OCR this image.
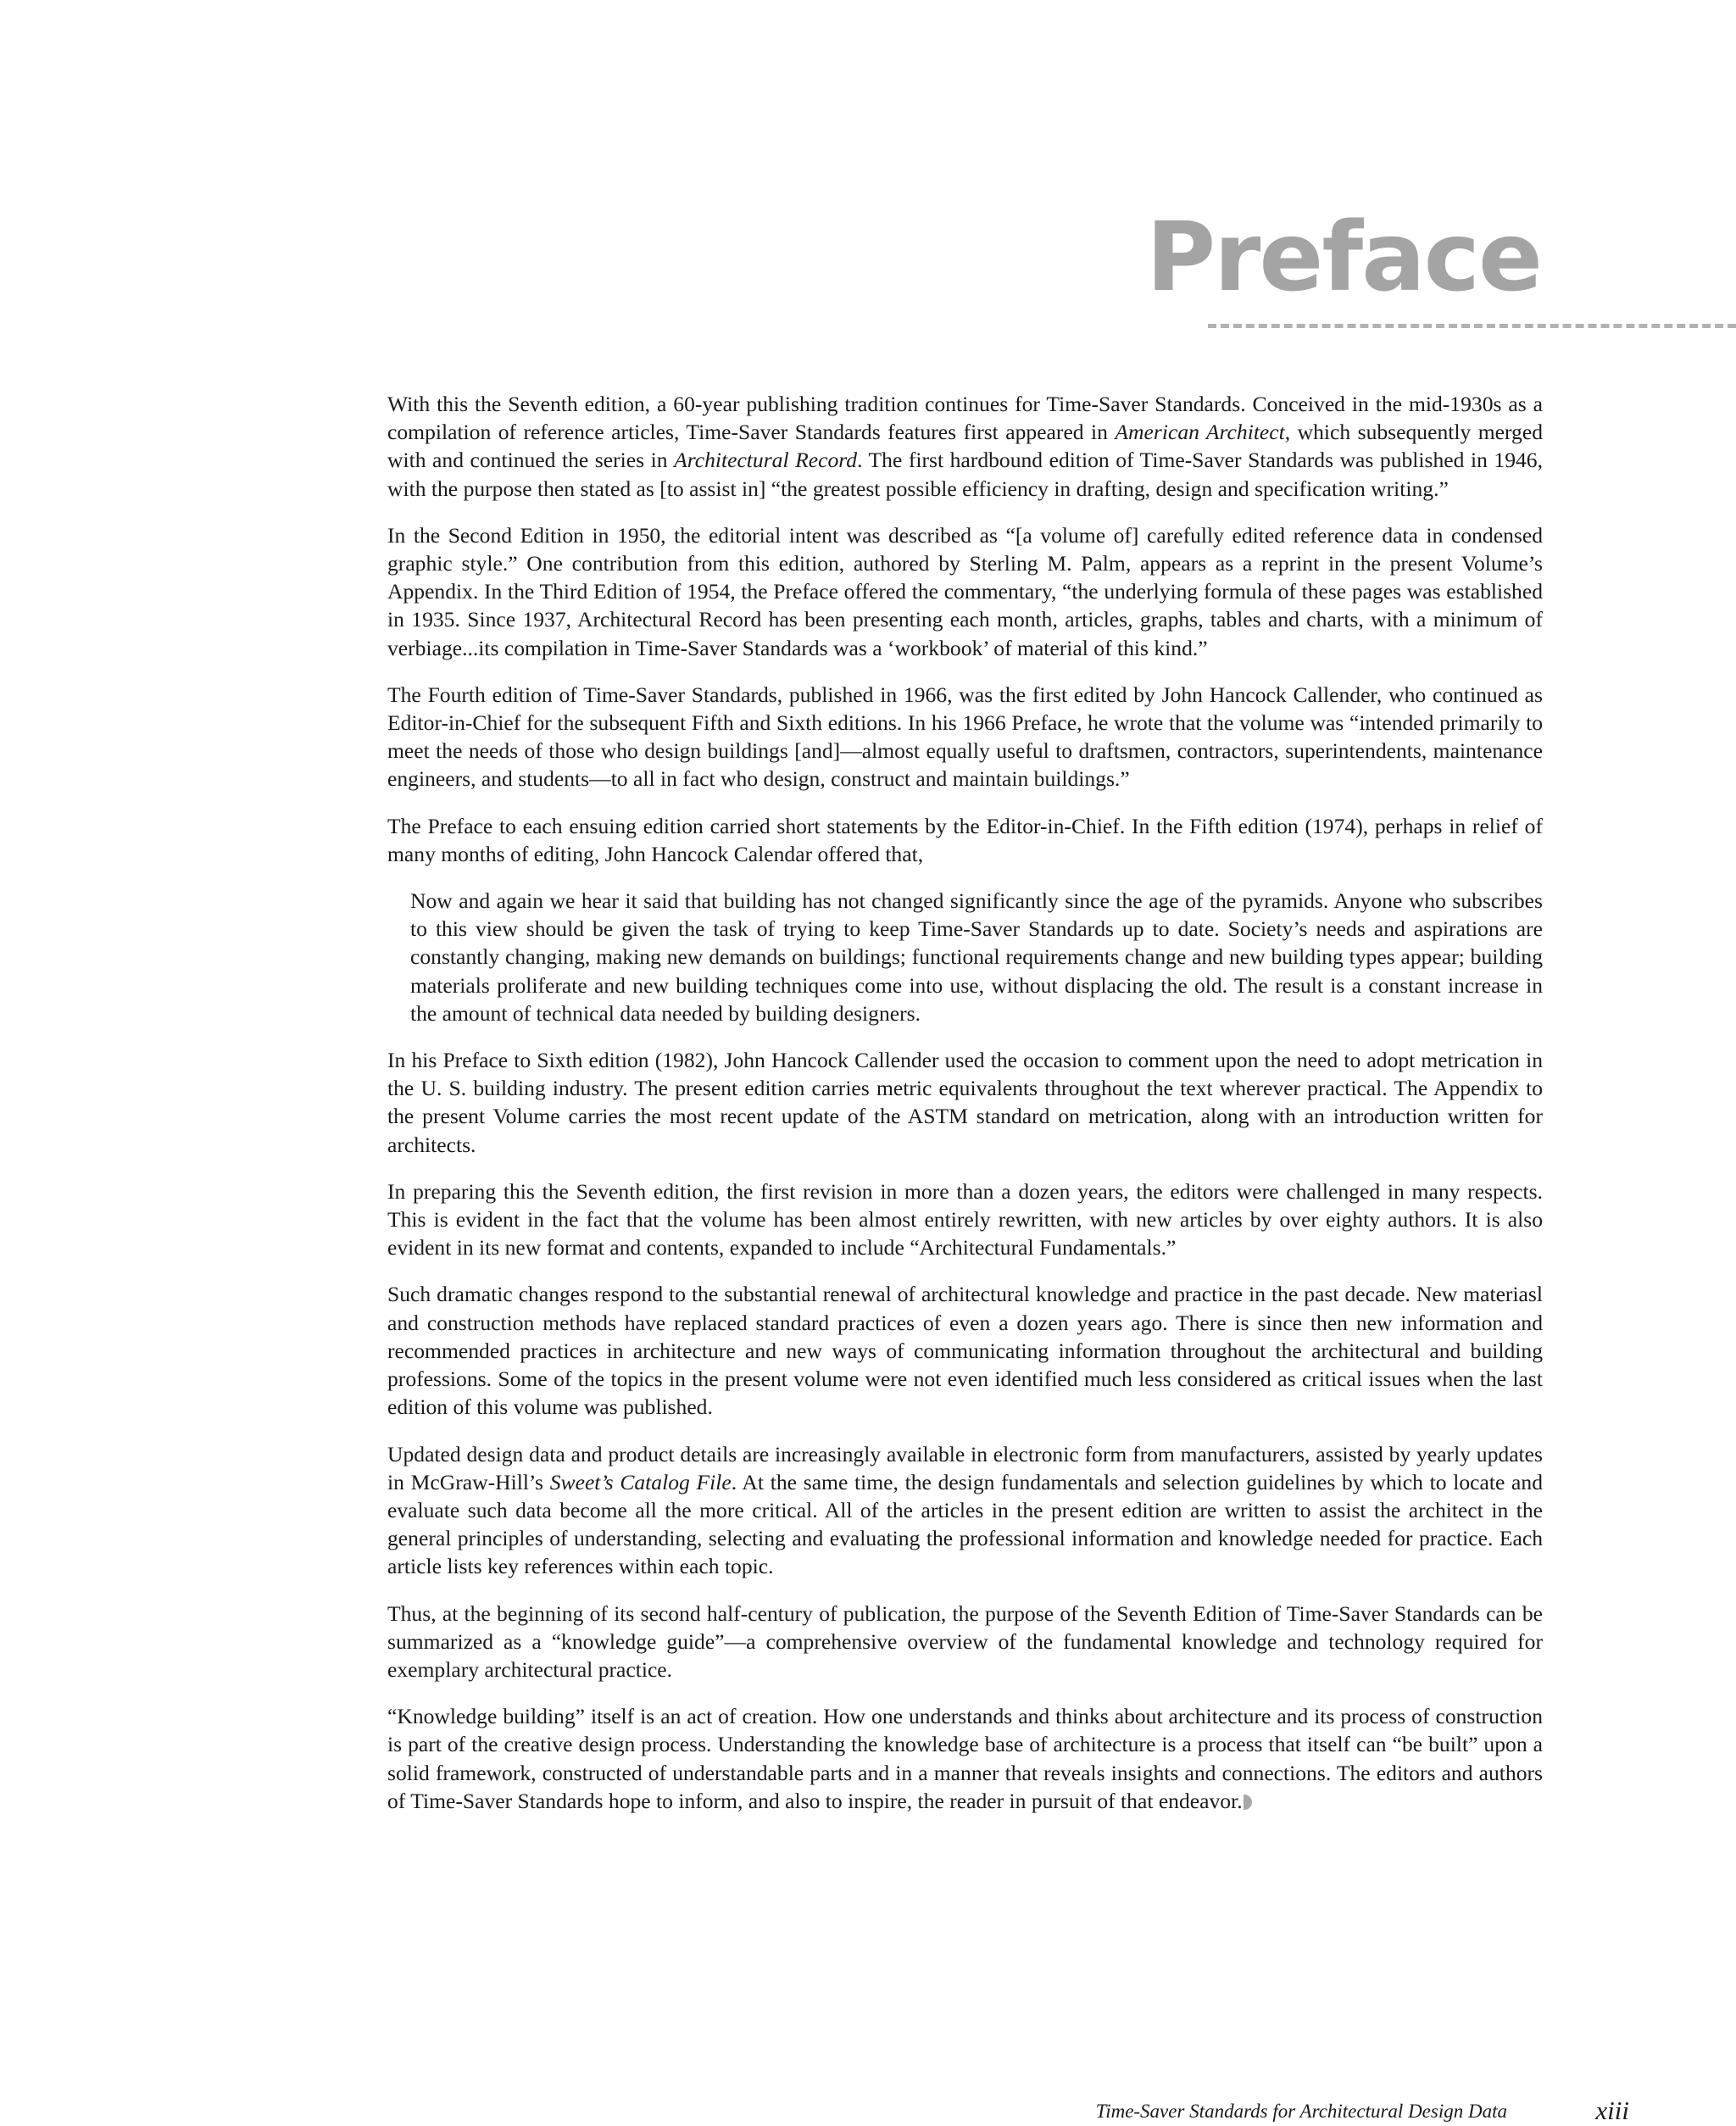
Preface

With this the Seventh edition, a 60-year publishing tradition continues for Time-Saver Standards. Conceived in the mid-1930s as a compilation of reference articles, Time-Saver Standards features first appeared in American Architect, which subsequently merged with and continued the series in Architectural Record. The first hardbound edition of Time-Saver Standards was published in 1946, with the purpose then stated as [to assist in] “the greatest possible efficiency in drafting, design and specification writing.”

In the Second Edition in 1950, the editorial intent was described as “[a volume of] carefully edited reference data in condensed graphic style.” One contribution from this edition, authored by Sterling M. Palm, appears as a reprint in the present Volume’s Appendix. In the Third Edition of 1954, the Preface offered the commentary, “the underlying formula of these pages was established in 1935. Since 1937, Architectural Record has been presenting each month, articles, graphs, tables and charts, with a minimum of verbiage...its compilation in Time-Saver Standards was a ‘workbook’ of material of this kind.”

The Fourth edition of Time-Saver Standards, published in 1966, was the first edited by John Hancock Callender, who continued as Editor-in-Chief for the subsequent Fifth and Sixth editions. In his 1966 Preface, he wrote that the volume was “intended primarily to meet the needs of those who design buildings [and]—almost equally useful to draftsmen, contractors, superintendents, maintenance engineers, and students—to all in fact who design, construct and maintain buildings.”

The Preface to each ensuing edition carried short statements by the Editor-in-Chief. In the Fifth edition (1974), perhaps in relief of many months of editing, John Hancock Calendar offered that,

Now and again we hear it said that building has not changed significantly since the age of the pyramids. Anyone who subscribes to this view should be given the task of trying to keep Time-Saver Standards up to date. Society’s needs and aspirations are constantly changing, making new demands on buildings; functional requirements change and new building types appear; building materials proliferate and new building techniques come into use, without displacing the old. The result is a constant increase in the amount of technical data needed by building designers.

In his Preface to Sixth edition (1982), John Hancock Callender used the occasion to comment upon the need to adopt metrication in the U. S. building industry. The present edition carries metric equivalents throughout the text wherever practical. The Appendix to the present Volume carries the most recent update of the ASTM standard on metrication, along with an introduction written for architects.

In preparing this the Seventh edition, the first revision in more than a dozen years, the editors were challenged in many respects. This is evident in the fact that the volume has been almost entirely rewritten, with new articles by over eighty authors. It is also evident in its new format and contents, expanded to include “Architectural Fundamentals.”

Such dramatic changes respond to the substantial renewal of architectural knowledge and practice in the past decade. New materiasl and construction methods have replaced standard practices of even a dozen years ago. There is since then new information and recommended practices in architecture and new ways of communicating information throughout the architectural and building professions. Some of the topics in the present volume were not even identified much less considered as critical issues when the last edition of this volume was published.

Updated design data and product details are increasingly available in electronic form from manufacturers, assisted by yearly updates in McGraw-Hill’s Sweet’s Catalog File. At the same time, the design fundamentals and selection guidelines by which to locate and evaluate such data become all the more critical. All of the articles in the present edition are written to assist the architect in the general principles of understanding, selecting and evaluating the professional information and knowledge needed for practice. Each article lists key references within each topic.

Thus, at the beginning of its second half-century of publication, the purpose of the Seventh Edition of Time-Saver Standards can be summarized as a “knowledge guide”—a comprehensive overview of the fundamental knowledge and technology required for exemplary architectural practice.

“Knowledge building” itself is an act of creation. How one understands and thinks about architecture and its process of construction is part of the creative design process. Understanding the knowledge base of architecture is a process that itself can “be built” upon a solid framework, constructed of understandable parts and in a manner that reveals insights and connections. The editors and authors of Time-Saver Standards hope to inform, and also to inspire, the reader in pursuit of that endeavor.

Time-Saver Standards for Architectural Design Data	xiii
